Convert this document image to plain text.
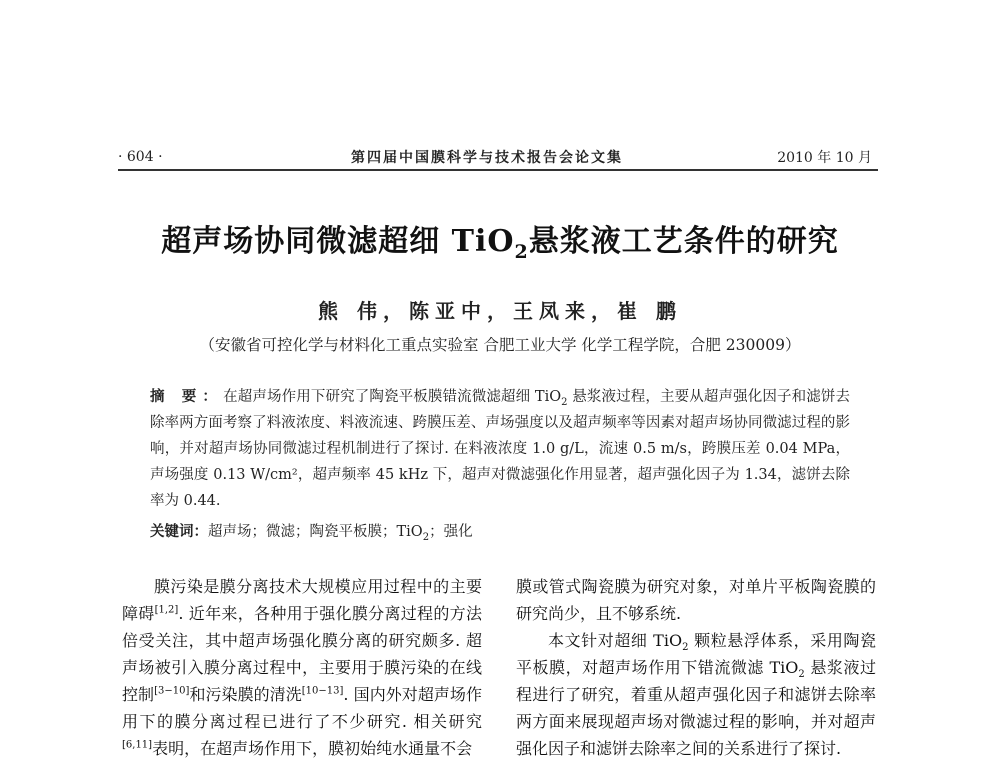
· 604 ·	第四届中国膜科学与技术报告会论文集	2010 年 10 月
超声场协同微滤超细 TiO$_2$悬浆液工艺条件的研究
熊 伟，陈亚中，王凤来，崔 鹏
（安徽省可控化学与材料化工重点实验室 合肥工业大学 化学工程学院，合肥 230009）
摘 要：在超声场作用下研究了陶瓷平板膜错流微滤超细 TiO$_2$ 悬浆液过程，主要从超声强化因子和滤饼去除率两方面考察了料液浓度、料液流速、跨膜压差、声场强度以及超声频率等因素对超声场协同微滤过程的影响，并对超声场协同微滤过程机制进行了探讨. 在料液浓度 1.0 g/L，流速 0.5 m/s，跨膜压差 0.04 MPa，声场强度 0.13 W/cm²，超声频率 45 kHz 下，超声对微滤强化作用显著，超声强化因子为 1.34，滤饼去除率为 0.44.
关键词：超声场；微滤；陶瓷平板膜；TiO$_2$；强化

膜污染是膜分离技术大规模应用过程中的主要障碍[1,2]. 近年来，各种用于强化膜分离过程的方法倍受关注，其中超声场强化膜分离的研究颇多. 超声场被引入膜分离过程中，主要用于膜污染的在线控制[3−10]和污染膜的清洗[10−13]. 国内外对超声场作用下的膜分离过程已进行了不少研究. 相关研究[6,11]表明，在超声场作用下，膜初始纯水通量不会

膜或管式陶瓷膜为研究对象，对单片平板陶瓷膜的研究尚少，且不够系统.

本文针对超细 TiO$_2$ 颗粒悬浮体系，采用陶瓷平板膜，对超声场作用下错流微滤 TiO$_2$ 悬浆液过程进行了研究，着重从超声强化因子和滤饼去除率两方面来展现超声场对微滤过程的影响，并对超声强化因子和滤饼去除率之间的关系进行了探讨.
